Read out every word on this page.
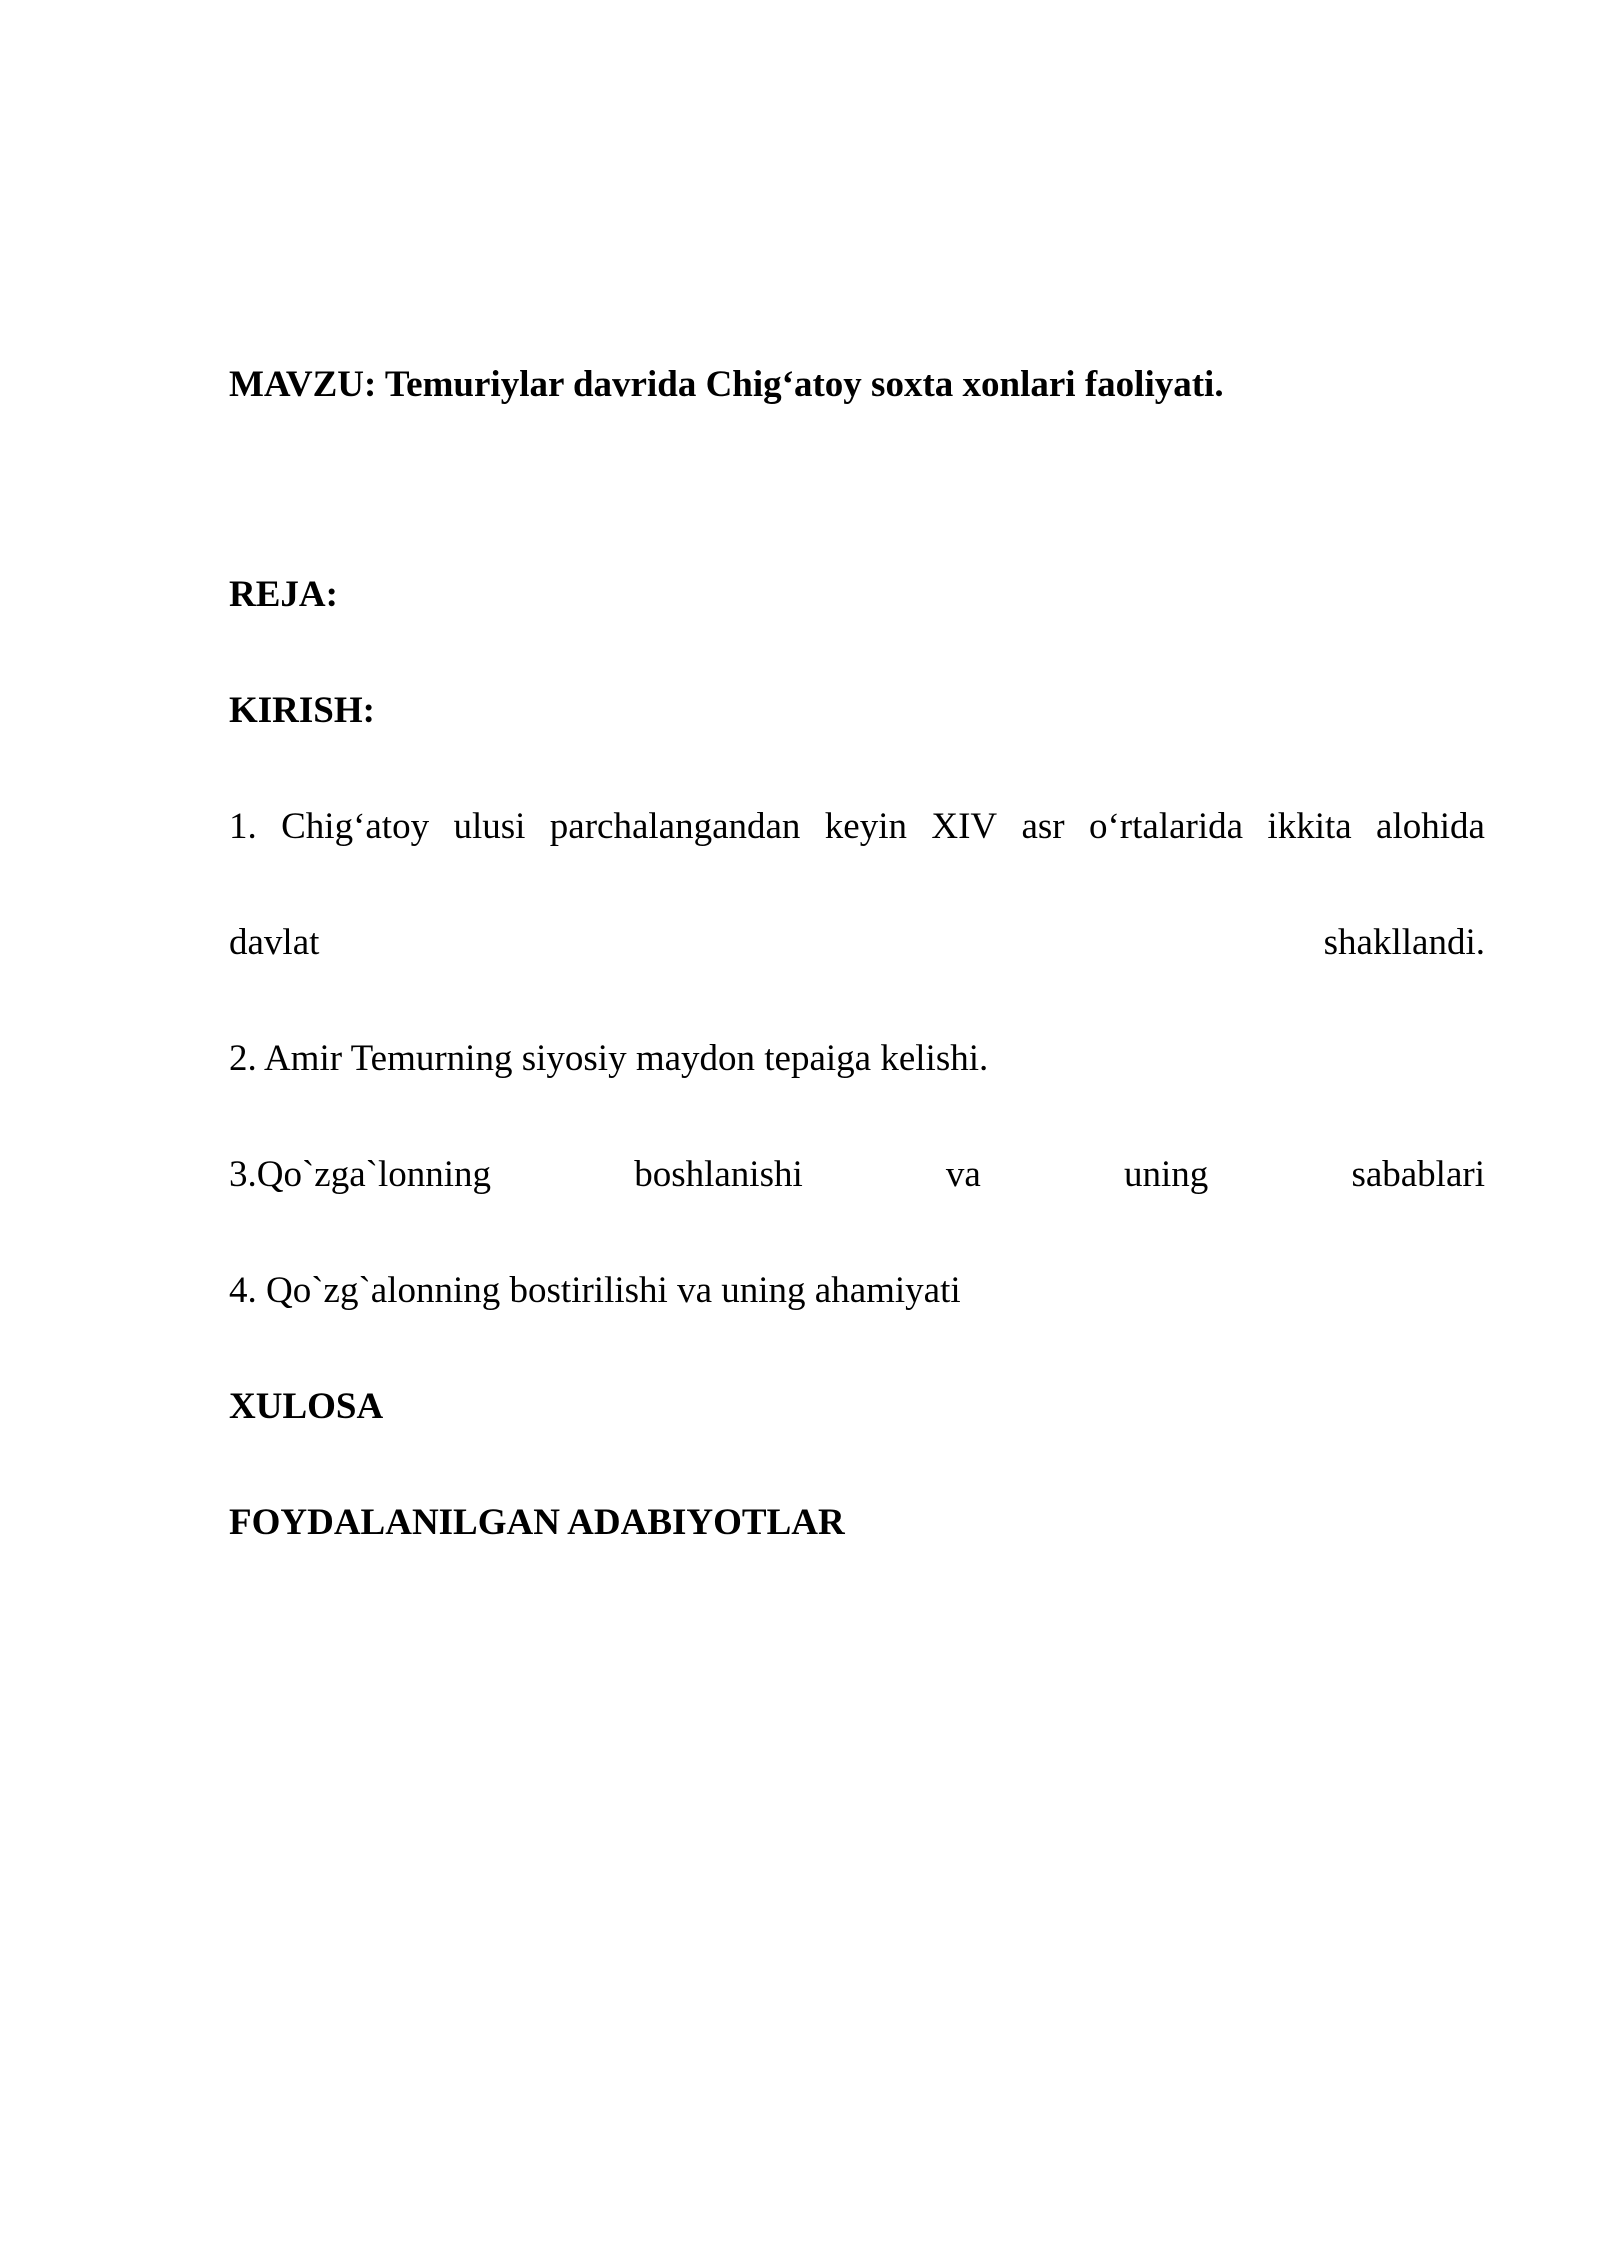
MAVZU: Temuriylar davrida Chig‘atoy soxta xonlari faoliyati.
REJA:
KIRISH:
1. Chig‘atoy ulusi parchalangandan keyin XIV asr o‘rtalarida ikkita alohida
davlat	shakllandi.
2. Amir Temurning siyosiy maydon tepaiga kelishi.
3.Qo`zga`lonning	boshlanishi	va	uning	sabablari
4. Qo`zg`alonning bostirilishi va uning ahamiyati
XULOSA
FOYDALANILGAN ADABIYOTLAR
